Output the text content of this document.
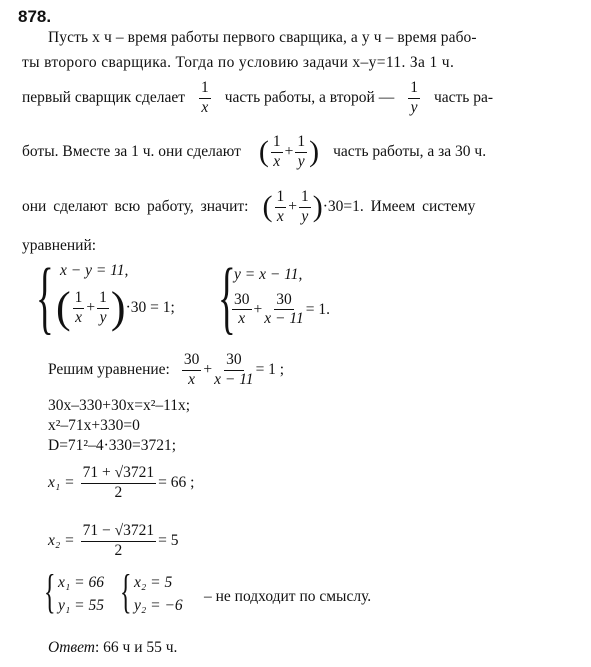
878.
Пусть x ч – время работы первого сварщика, а y ч – время рабо-
ты второго сварщика. Тогда по условию задачи x–y=11. За 1 ч.
первый сварщик сделает $\frac{1}{x}$ часть работы, а второй — $\frac{1}{y}$ часть ра-
боты. Вместе за 1 ч. они сделают ( $\frac{1}{x} + \frac{1}{y}$ ) часть работы, а за 30 ч.
они сделают всю работу, значит: ( $\frac{1}{x} + \frac{1}{y}$ ) ·30=1. Имеем систему
уравнений:
{ x − y = 11,
( $\frac{1}{x} + \frac{1}{y}$ ) ·30 = 1; {
y = x − 11,
$\frac{30}{x} + \frac{30}{x - 11} = 1$.
Решим уравнение: $\frac{30}{x} + \frac{30}{x - 11} = 1$ ;
30x–330+30x=x²–11x;
x²–71x+330=0
D=71²–4·330=3721;
$x_1 = \frac{71 + √3721}{2} = 66$ ;
$x_2 = \frac{71 - √3721}{2} = 5$
{ x₁ = 66
y₁ = 55 { x₂ = 5
y₂ = −6
– не подходит по смыслу.
Ответ: 66 ч и 55 ч.
